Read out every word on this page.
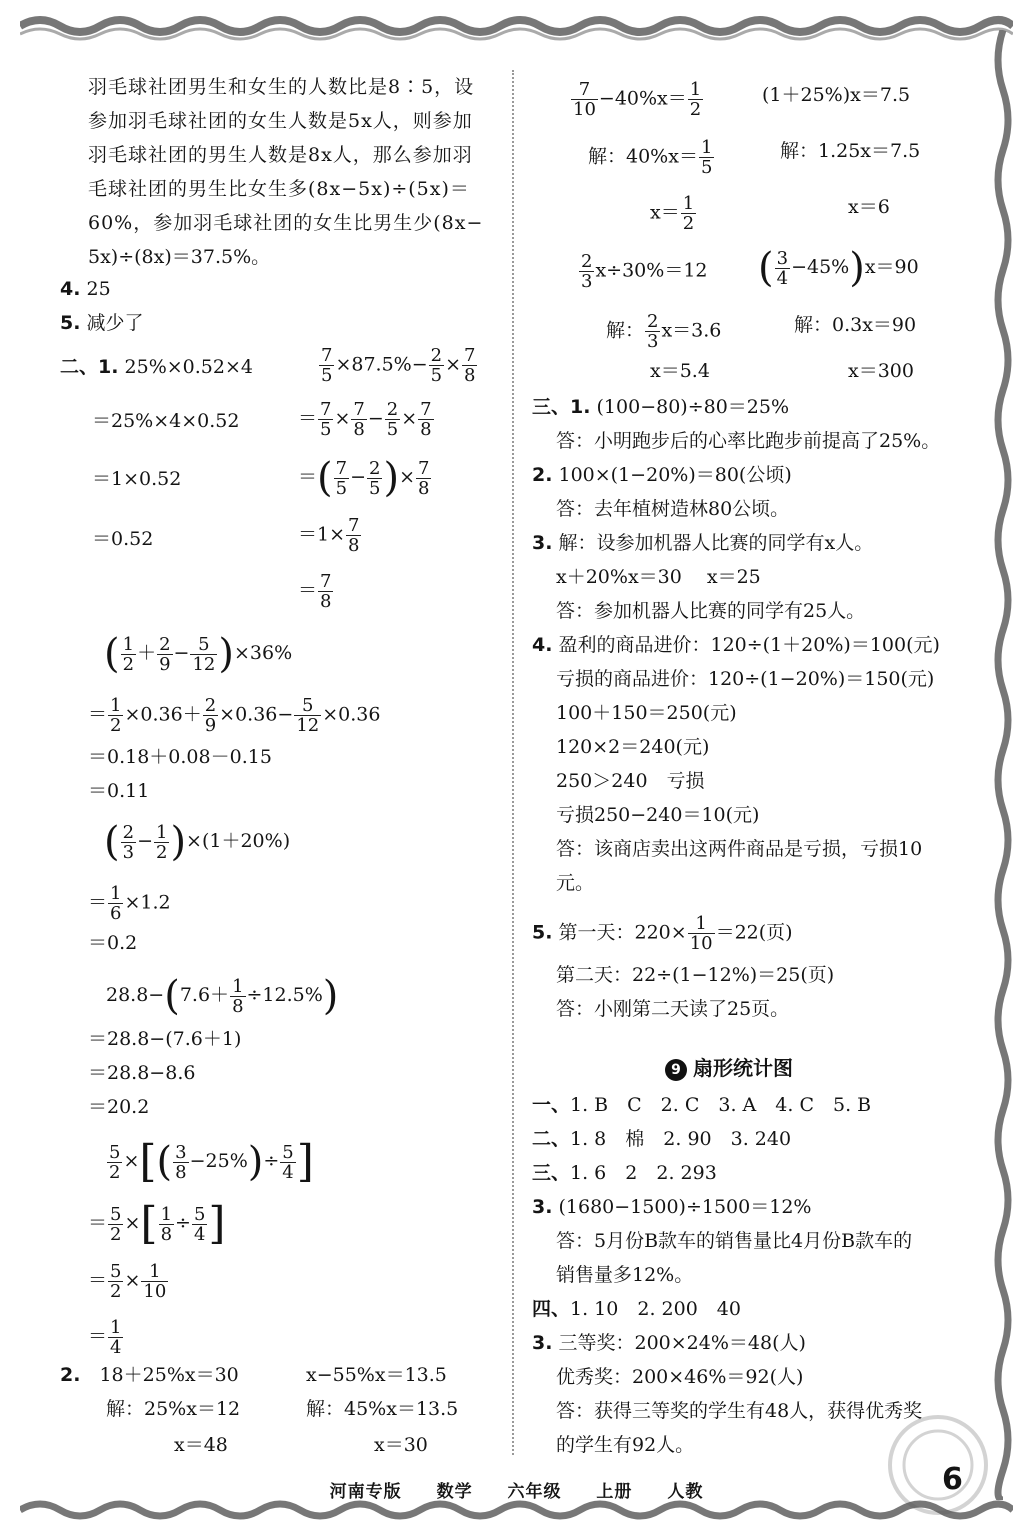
羽毛球社团男生和女生的人数比是8∶5，设
参加羽毛球社团的女生人数是5x人，则参加
羽毛球社团的男生人数是8x人，那么参加羽
毛球社团的男生比女生多(8x−5x)÷(5x)＝
60%，参加羽毛球社团的女生比男生少(8x−
5x)÷(8x)＝37.5%。
4. 25
5. 减少了
二、1. 25%×0.52×4
＝25%×4×0.52
＝1×0.52
＝0.52
$\frac{7}{5} \times 87.5\%- \frac{2}{5} \times \frac{7}{8}$
＝ $\frac{7}{5} \times \frac{7}{8} - \frac{2}{5} \times \frac{7}{8}$
＝( $\frac{7}{5} - \frac{2}{5}$ )× $\frac{7}{8}$
$=1\times \frac{7}{8}$
＝ $\frac{7}{8}$
( $\frac{1}{2} + \frac{2}{9} - \frac{5}{12} )\times 36\%$
＝ $\frac{1}{2} \times 0.36+ \frac{2}{9} \times 0.36- \frac{5}{12} \times 0.36$
＝0.18＋0.08－0.15
＝0.11
( $\frac{2}{3} - \frac{1}{2} )\times(1+20\%)$
＝ $\frac{1}{6} \times 1.2$
＝0.2
$28.8-(7.6+ \frac{1}{8} \div 12.5\%)$
＝28.8−(7.6＋1)
＝28.8−8.6
＝20.2
$\frac{5}{2}$ ×[( $\frac{3}{8} -25\%)\div \frac{5}{4}$ ]
＝ $\frac{5}{2}$ ×[ $\frac{1}{8} \div \frac{5}{4}$ ]
＝ $\frac{5}{2} \times \frac{1}{10}$
＝ $\frac{1}{4}$
2.　 18＋25%x＝30
解：25%x＝12
x＝48
x−55%x＝13.5
解：45%x＝13.5
x＝30
$\frac{7}{10} -40\%x= \frac{1}{2}$
解：$40\%x= \frac{1}{5}$
$x= \frac{1}{2}$
(1＋25%)x＝7.5
解：1.25x＝7.5
x＝6
$\frac{2}{3} x\div 30\%=12$
解： $\frac{2}{3} x=3.6$
x＝5.4
( $\frac{3}{4} -45\%)x=90$
解：0.3x＝90
x＝300
三、1. (100−80)÷80＝25%
答：小明跑步后的心率比跑步前提高了25%。
2. 100×(1−20%)＝80(公顷)
答：去年植树造林80公顷。
3. 解：设参加机器人比赛的同学有x人。
x＋20%x＝30　 x＝25
答：参加机器人比赛的同学有25人。
4. 盈利的商品进价：120÷(1＋20%)＝100(元)
亏损的商品进价：120÷(1−20%)＝150(元)
100＋150＝250(元)
120×2＝240(元)
250＞240　亏损
亏损250−240＝10(元)
答：该商店卖出这两件商品是亏损，亏损10
元。
5. 第一天：$220\times \frac{1}{10} =22$(页)
第二天：22÷(1−12%)＝25(页)
答：小刚第二天读了25页。
9 扇形统计图
一、1. B　C　2. C　3. A　4. C　5. B
二、1. 8　棉　2. 90　3. 240
三、1. 6　2　2. 293
3. (1680−1500)÷1500＝12%
答：5月份B款车的销售量比4月份B款车的
销售量多12%。
四、1. 10　2. 200　40
3. 三等奖：200×24%＝48(人)
优秀奖：200×46%＝92(人)
答：获得三等奖的学生有48人，获得优秀奖
的学生有92人。
河南专版 数学 六年级 上册 人教	6
